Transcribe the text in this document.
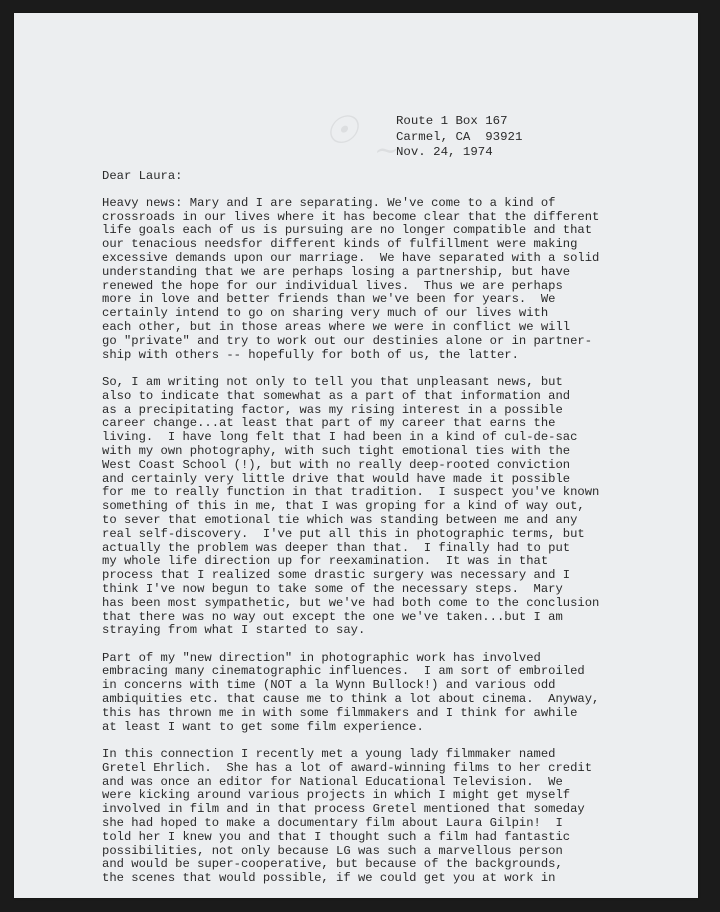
☉ ~
Route 1 Box 167
Carmel, CA  93921
Nov. 24, 1974
Dear Laura:
Heavy news: Mary and I are separating. We've come to a kind of
crossroads in our lives where it has become clear that the different
life goals each of us is pursuing are no longer compatible and that
our tenacious needsfor different kinds of fulfillment were making
excessive demands upon our marriage.  We have separated with a solid
understanding that we are perhaps losing a partnership, but have
renewed the hope for our individual lives.  Thus we are perhaps
more in love and better friends than we've been for years.  We
certainly intend to go on sharing very much of our lives with
each other, but in those areas where we were in conflict we will
go "private" and try to work out our destinies alone or in partner-
ship with others -- hopefully for both of us, the latter.
So, I am writing not only to tell you that unpleasant news, but
also to indicate that somewhat as a part of that information and
as a precipitating factor, was my rising interest in a possible
career change...at least that part of my career that earns the
living.  I have long felt that I had been in a kind of cul-de-sac
with my own photography, with such tight emotional ties with the
West Coast School (!), but with no really deep-rooted conviction
and certainly very little drive that would have made it possible
for me to really function in that tradition.  I suspect you've known
something of this in me, that I was groping for a kind of way out,
to sever that emotional tie which was standing between me and any
real self-discovery.  I've put all this in photographic terms, but
actually the problem was deeper than that.  I finally had to put
my whole life direction up for reexamination.  It was in that
process that I realized some drastic surgery was necessary and I
think I've now begun to take some of the necessary steps.  Mary
has been most sympathetic, but we've had both come to the conclusion
that there was no way out except the one we've taken...but I am
straying from what I started to say.
Part of my "new direction" in photographic work has involved
embracing many cinematographic influences.  I am sort of embroiled
in concerns with time (NOT a la Wynn Bullock!) and various odd
ambiquities etc. that cause me to think a lot about cinema.  Anyway,
this has thrown me in with some filmmakers and I think for awhile
at least I want to get some film experience.
In this connection I recently met a young lady filmmaker named
Gretel Ehrlich.  She has a lot of award-winning films to her credit
and was once an editor for National Educational Television.  We
were kicking around various projects in which I might get myself
involved in film and in that process Gretel mentioned that someday
she had hoped to make a documentary film about Laura Gilpin!  I
told her I knew you and that I thought such a film had fantastic
possibilities, not only because LG was such a marvellous person
and would be super-cooperative, but because of the backgrounds,
the scenes that would possible, if we could get you at work in
